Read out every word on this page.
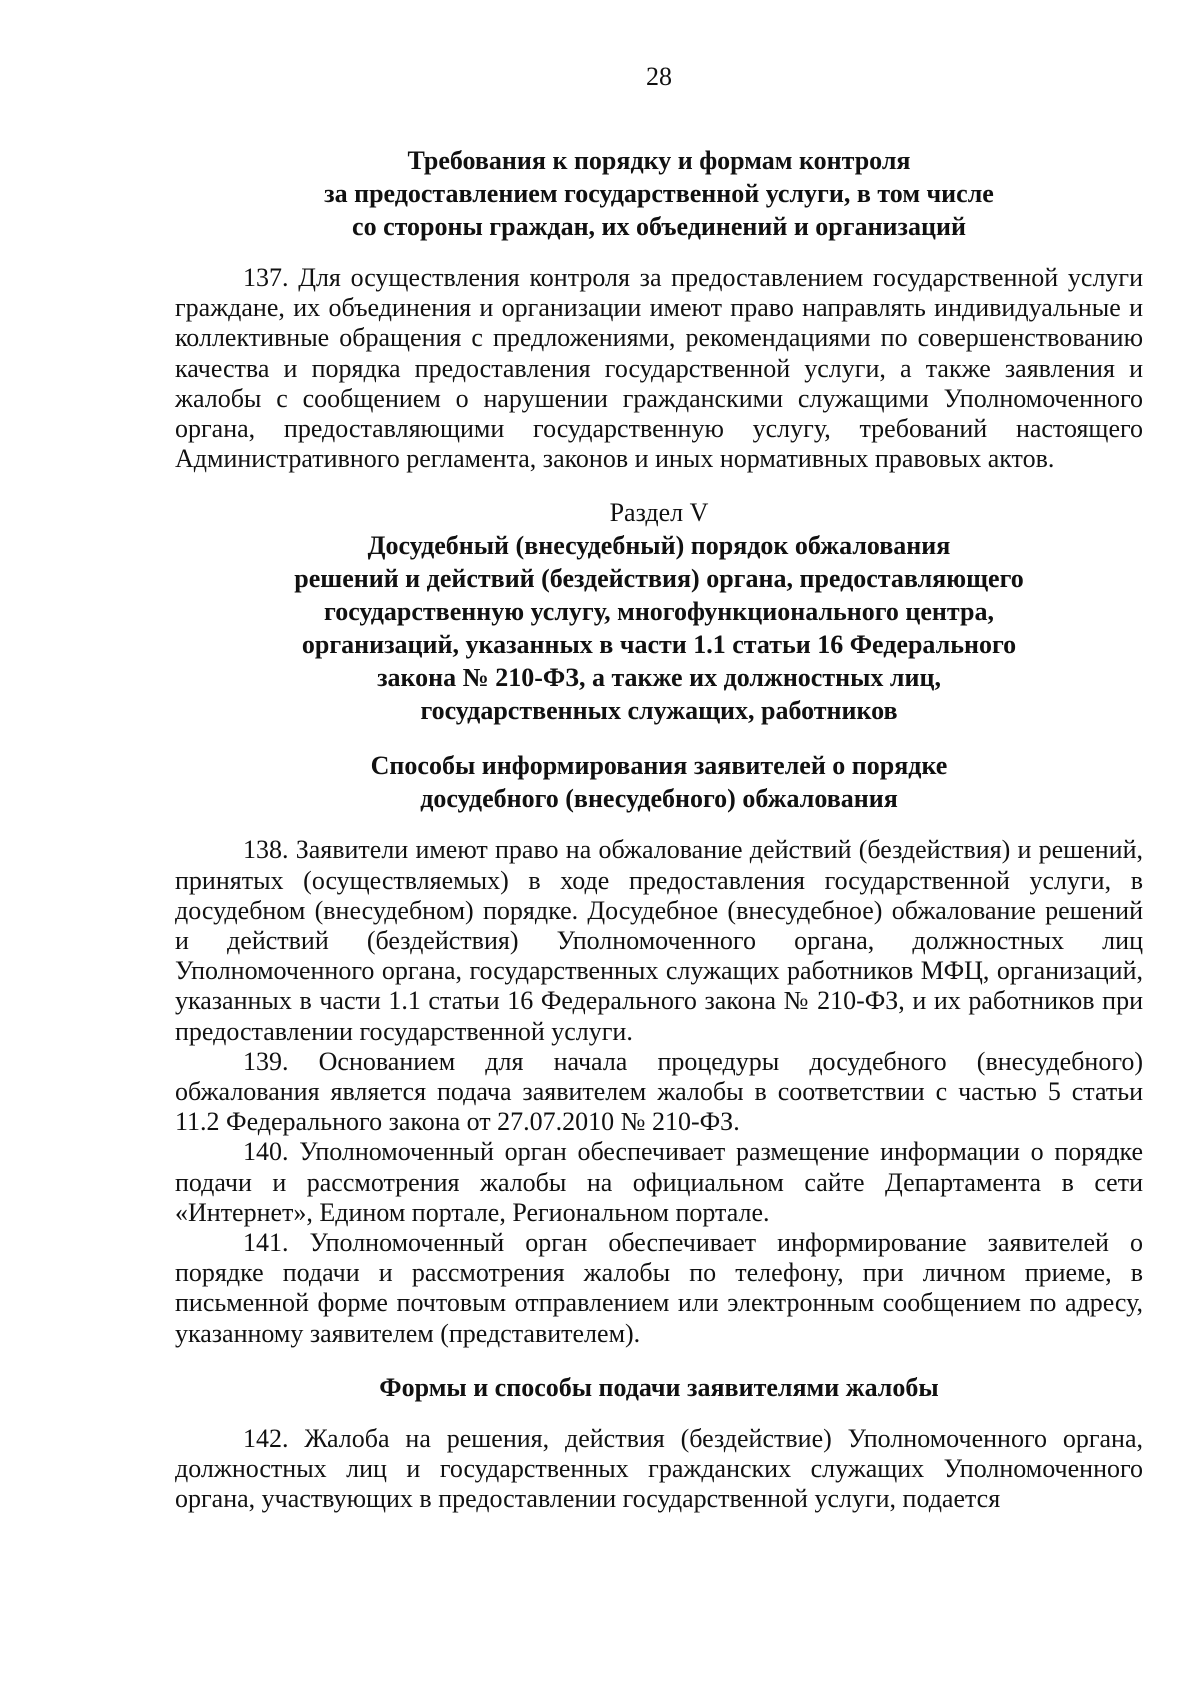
28
Требования к порядку и формам контроля
за предоставлением государственной услуги, в том числе
со стороны граждан, их объединений и организаций

137. Для осуществления контроля за предоставлением государственной услуги граждане, их объединения и организации имеют право направлять индивидуальные и коллективные обращения с предложениями, рекомендациями по совершенствованию качества и порядка предоставления государственной услуги, а также заявления и жалобы с сообщением о нарушении гражданскими служащими Уполномоченного органа, предоставляющими государственную услугу, требований настоящего Административного регламента, законов и иных нормативных правовых актов.

Раздел V
Досудебный (внесудебный) порядок обжалования
решений и действий (бездействия) органа, предоставляющего
государственную услугу, многофункционального центра,
организаций, указанных в части 1.1 статьи 16 Федерального
закона № 210-ФЗ, а также их должностных лиц,
государственных служащих, работников
Способы информирования заявителей о порядке
досудебного (внесудебного) обжалования

138. Заявители имеют право на обжалование действий (бездействия) и решений, принятых (осуществляемых) в ходе предоставления государственной услуги, в досудебном (внесудебном) порядке. Досудебное (внесудебное) обжалование решений и действий (бездействия) Уполномоченного органа, должностных лиц Уполномоченного органа, государственных служащих работников МФЦ, организаций, указанных в части 1.1 статьи 16 Федерального закона № 210-ФЗ, и их работников при предоставлении государственной услуги.

139. Основанием для начала процедуры досудебного (внесудебного) обжалования является подача заявителем жалобы в соответствии с частью 5 статьи 11.2 Федерального закона от 27.07.2010 № 210-ФЗ.

140. Уполномоченный орган обеспечивает размещение информации о порядке подачи и рассмотрения жалобы на официальном сайте Департамента в сети «Интернет», Едином портале, Региональном портале.

141. Уполномоченный орган обеспечивает информирование заявителей о порядке подачи и рассмотрения жалобы по телефону, при личном приеме, в письменной форме почтовым отправлением или электронным сообщением по адресу, указанному заявителем (представителем).

Формы и способы подачи заявителями жалобы

142. Жалоба на решения, действия (бездействие) Уполномоченного органа, должностных лиц и государственных гражданских служащих Уполномоченного органа, участвующих в предоставлении государственной услуги, подается
